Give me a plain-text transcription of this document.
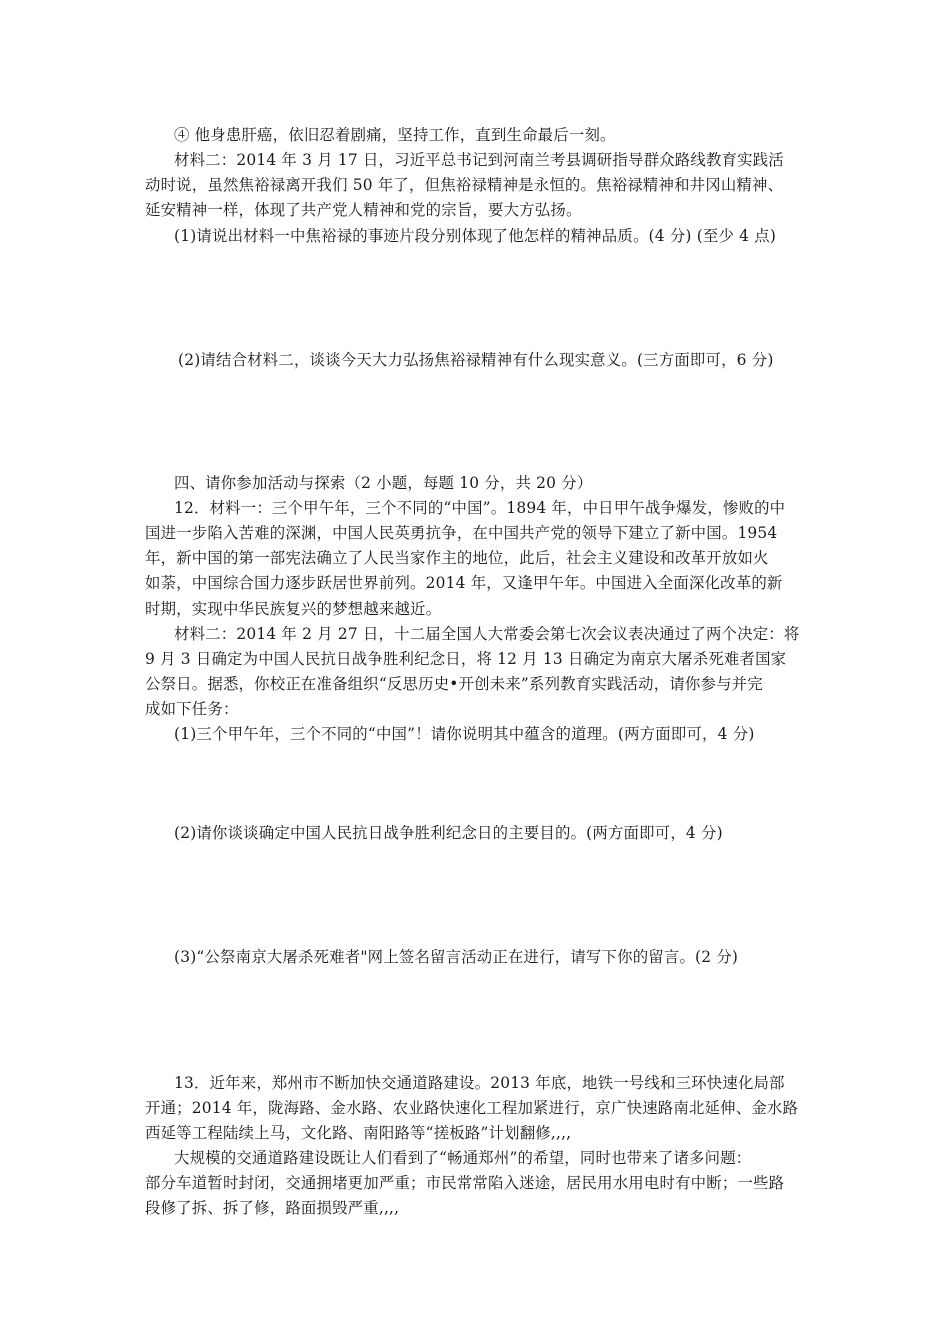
④ 他身患肝癌，依旧忍着剧痛，坚持工作，直到生命最后一刻。
材料二：2014 年 3 月 17 日，习近平总书记到河南兰考县调研指导群众路线教育实践活
动时说，虽然焦裕禄离开我们 50 年了，但焦裕禄精神是永恒的。焦裕禄精神和井冈山精神、
延安精神一样，体现了共产党人精神和党的宗旨，要大方弘扬。
(1)请说出材料一中焦裕禄的事迹片段分别体现了他怎样的精神品质。(4 分) (至少 4 点)
(2)请结合材料二，谈谈今天大力弘扬焦裕禄精神有什么现实意义。(三方面即可，6 分)
四、请你参加活动与探索（2 小题，每题 10 分，共 20 分）
12．材料一：三个甲午年，三个不同的“中国”。1894 年，中日甲午战争爆发，惨败的中
国进一步陷入苦难的深渊，中国人民英勇抗争，在中国共产党的领导下建立了新中国。1954
年，新中国的第一部宪法确立了人民当家作主的地位，此后，社会主义建设和改革开放如火
如荼，中国综合国力逐步跃居世界前列。2014 年，又逢甲午年。中国进入全面深化改革的新
时期，实现中华民族复兴的梦想越来越近。
材料二：2014 年 2 月 27 日，十二届全国人大常委会第七次会议表决通过了两个决定：将
9 月 3 日确定为中国人民抗日战争胜利纪念日，将 12 月 13 日确定为南京大屠杀死难者国家
公祭日。据悉，你校正在准备组织“反思历史•开创未来”系列教育实践活动，请你参与并完
成如下任务：
(1)三个甲午年，三个不同的“中国”！请你说明其中蕴含的道理。(两方面即可，4 分)
(2)请你谈谈确定中国人民抗日战争胜利纪念日的主要目的。(两方面即可，4 分)
(3)“公祭南京大屠杀死难者"网上签名留言活动正在进行，请写下你的留言。(2 分)
13．近年来，郑州市不断加快交通道路建设。2013 年底，地铁一号线和三环快速化局部
开通；2014 年，陇海路、金水路、农业路快速化工程加紧进行，京广快速路南北延伸、金水路
西延等工程陆续上马，文化路、南阳路等“搓板路”计划翻修,,,,
大规模的交通道路建设既让人们看到了“畅通郑州”的希望，同时也带来了诸多问题：
部分车道暂时封闭，交通拥堵更加严重；市民常常陷入迷途，居民用水用电时有中断；一些路
段修了拆、拆了修，路面损毁严重,,,,
